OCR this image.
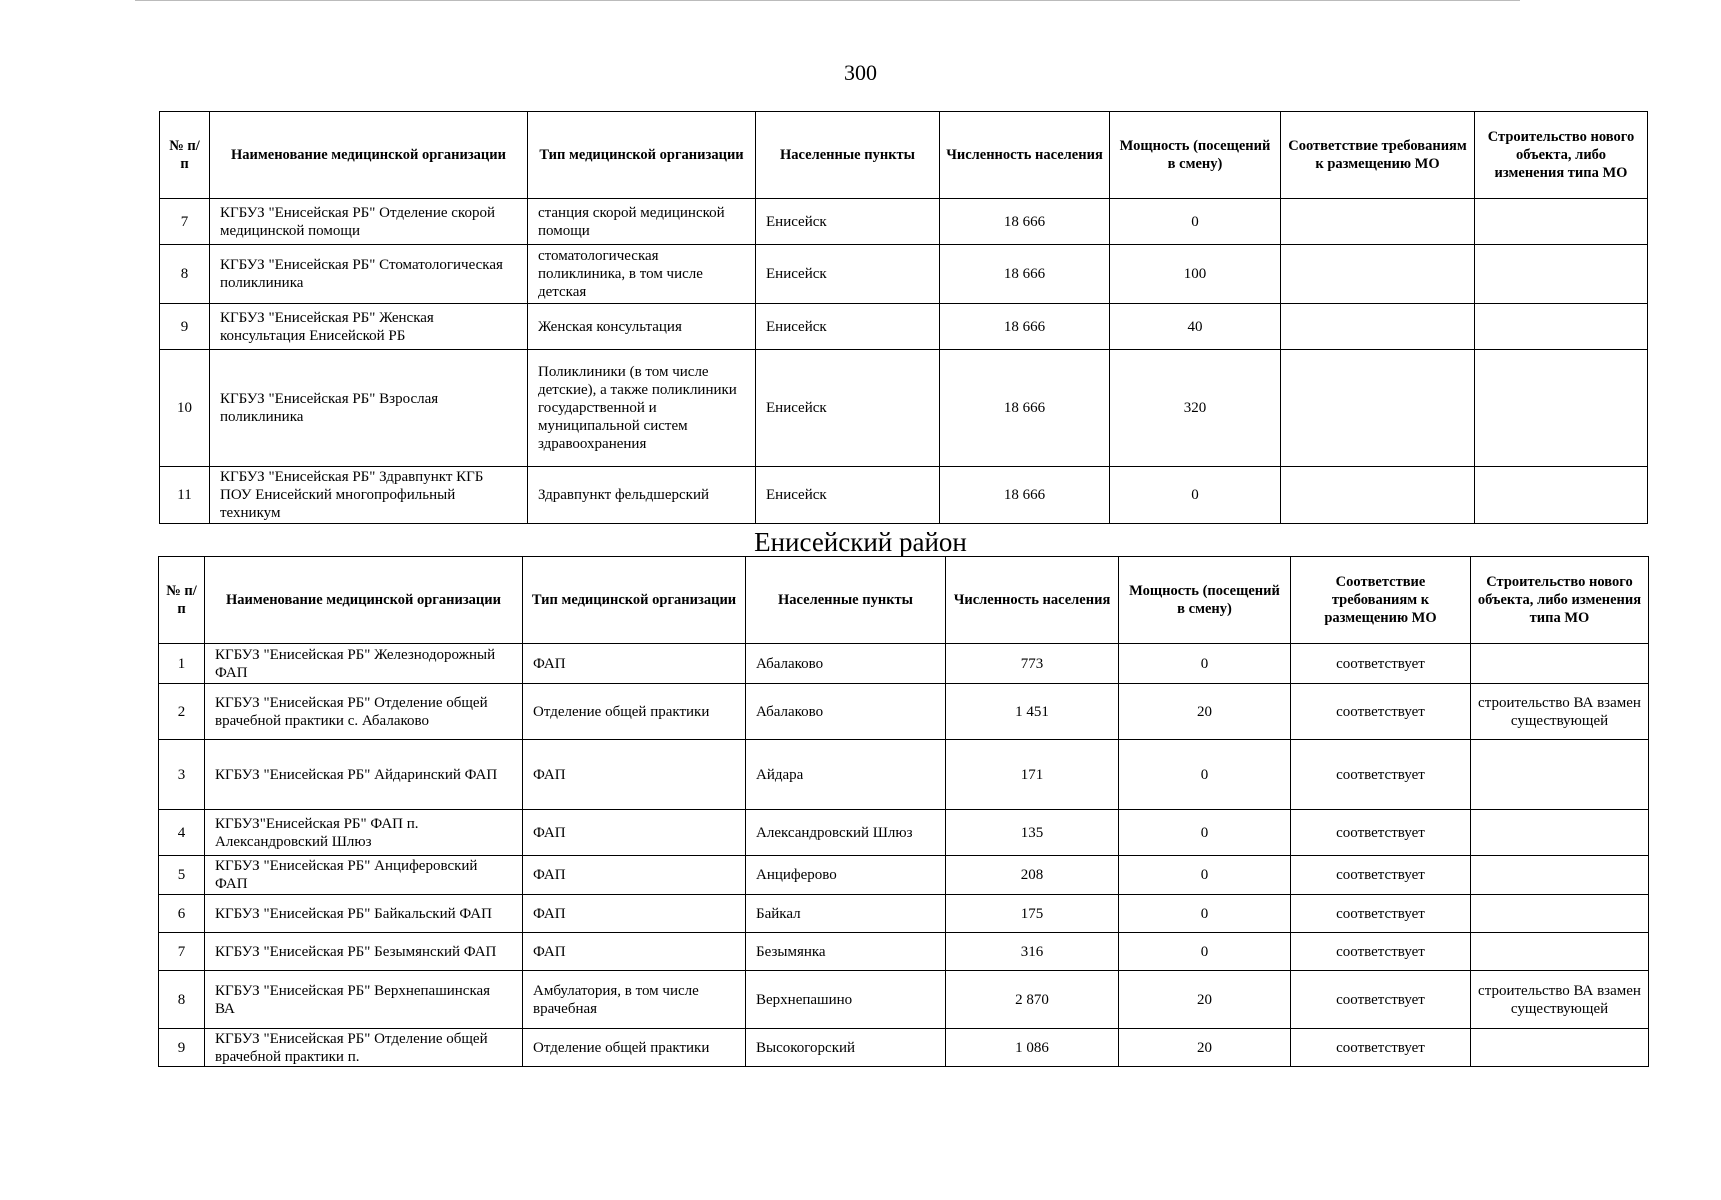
300
№ п/п	Наименование медицинской организации	Тип медицинской организации	Населенные пункты	Численность населения	Мощность (посещений в смену)	Соответствие требованиям к размещению МО	Строительство нового объекта, либо изменения типа МО
7	КГБУЗ "Енисейская РБ" Отделение скорой медицинской помощи	станция скорой медицинской помощи	Енисейск	18 666	0		
8	КГБУЗ "Енисейская РБ" Стоматологическая поликлиника	стоматологическая поликлиника, в том числе детская	Енисейск	18 666	100		
9	КГБУЗ "Енисейская РБ" Женская консультация Енисейской РБ	Женская консультация	Енисейск	18 666	40		
10	КГБУЗ "Енисейская РБ" Взрослая поликлиника	Поликлиники (в том числе детские), а также поликлиники государственной и муниципальной систем здравоохранения	Енисейск	18 666	320		
11	КГБУЗ "Енисейская РБ" Здравпункт КГБ ПОУ Енисейский многопрофильный техникум	Здравпункт фельдшерский	Енисейск	18 666	0		
Енисейский район
№ п/п	Наименование медицинской организации	Тип медицинской организации	Населенные пункты	Численность населения	Мощность (посещений в смену)	Соответствие требованиям к размещению МО	Строительство нового объекта, либо изменения типа МО
1	КГБУЗ "Енисейская РБ" Железнодорожный ФАП	ФАП	Абалаково	773	0	соответствует	
2	КГБУЗ "Енисейская РБ" Отделение общей врачебной практики с. Абалаково	Отделение общей практики	Абалаково	1 451	20	соответствует	строительство ВА взамен существующей
3	КГБУЗ "Енисейская РБ" Айдаринский ФАП	ФАП	Айдара	171	0	соответствует	
4	КГБУЗ"Енисейская РБ" ФАП п. Александровский Шлюз	ФАП	Александровский Шлюз	135	0	соответствует	
5	КГБУЗ "Енисейская РБ" Анциферовский ФАП	ФАП	Анциферово	208	0	соответствует	
6	КГБУЗ "Енисейская РБ" Байкальский ФАП	ФАП	Байкал	175	0	соответствует	
7	КГБУЗ "Енисейская РБ" Безымянский ФАП	ФАП	Безымянка	316	0	соответствует	
8	КГБУЗ "Енисейская РБ" Верхнепашинская ВА	Амбулатория, в том числе врачебная	Верхнепашино	2 870	20	соответствует	строительство ВА взамен существующей
9	КГБУЗ "Енисейская РБ" Отделение общей врачебной практики п.	Отделение общей практики	Высокогорский	1 086	20	соответствует	
